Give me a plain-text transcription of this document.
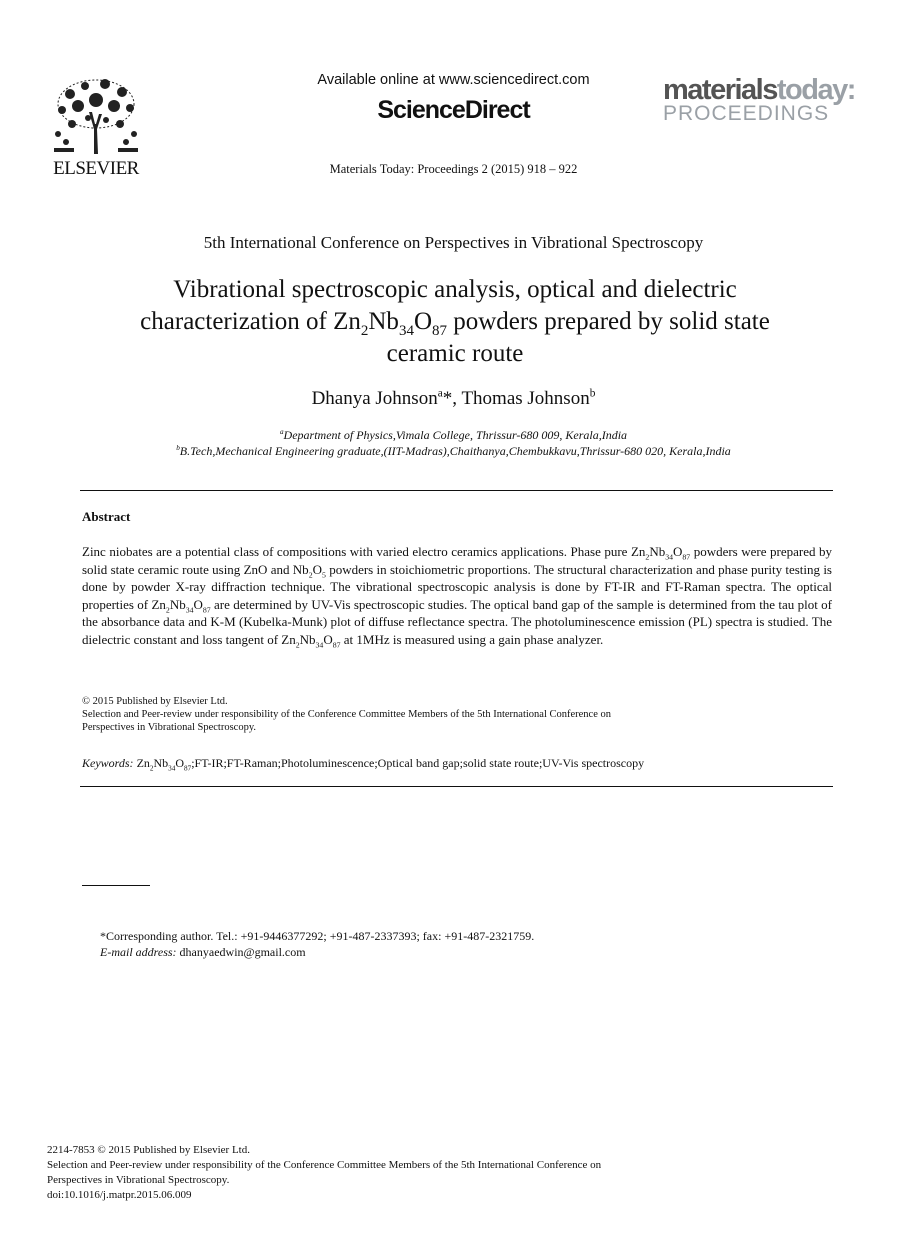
ELSEVIER
Available online at www.sciencedirect.com
ScienceDirect
materialstoday:
PROCEEDINGS
Materials Today: Proceedings 2 (2015) 918 – 922
5th International Conference on Perspectives in Vibrational Spectroscopy
Vibrational spectroscopic analysis, optical and dielectric
characterization of $Zn_2Nb_{34}O_{87}$ powders prepared by solid state
ceramic route
Dhanya Johnson$^a$*, Thomas Johnson$^b$
$^a$Department of Physics,Vimala College, Thrissur-680 009, Kerala,India
$^b$B.Tech,Mechanical Engineering graduate,(IIT-Madras),Chaithanya,Chembukkavu,Thrissur-680 020, Kerala,India
Abstract
Zinc niobates are a potential class of compositions with varied electro ceramics applications. Phase pure $Zn_2Nb_{34}O_{87}$ powders were prepared by solid state ceramic route using ZnO and $Nb_2O_5$ powders in stoichiometric proportions. The structural characterization and phase purity testing is done by powder X-ray diffraction technique. The vibrational spectroscopic analysis is done by FT-IR and FT-Raman spectra. The optical properties of $Zn_2Nb_{34}O_{87}$ are determined by UV-Vis spectroscopic studies. The optical band gap of the sample is determined from the tau plot of the absorbance data and K-M (Kubelka-Munk) plot of diffuse reflectance spectra. The photoluminescence emission (PL) spectra is studied. The dielectric constant and loss tangent of $Zn_2Nb_{34}O_{87}$ at 1MHz is measured using a gain phase analyzer.
© 2015 Published by Elsevier Ltd.
Selection and Peer-review under responsibility of the Conference Committee Members of the 5th International Conference on
Perspectives in Vibrational Spectroscopy.
Keywords: $Zn_2Nb_{34}O_{87};FT-IR;FT-Raman;Photoluminescence;Optical$ band gap;solid state route;UV-Vis spectroscopy
*Corresponding author. Tel.: +91-9446377292; +91-487-2337393; fax: +91-487-2321759.
E-mail address: dhanyaedwin@gmail.com
2214-7853 © 2015 Published by Elsevier Ltd.
Selection and Peer-review under responsibility of the Conference Committee Members of the 5th International Conference on
Perspectives in Vibrational Spectroscopy.
doi:10.1016/j.matpr.2015.06.009
